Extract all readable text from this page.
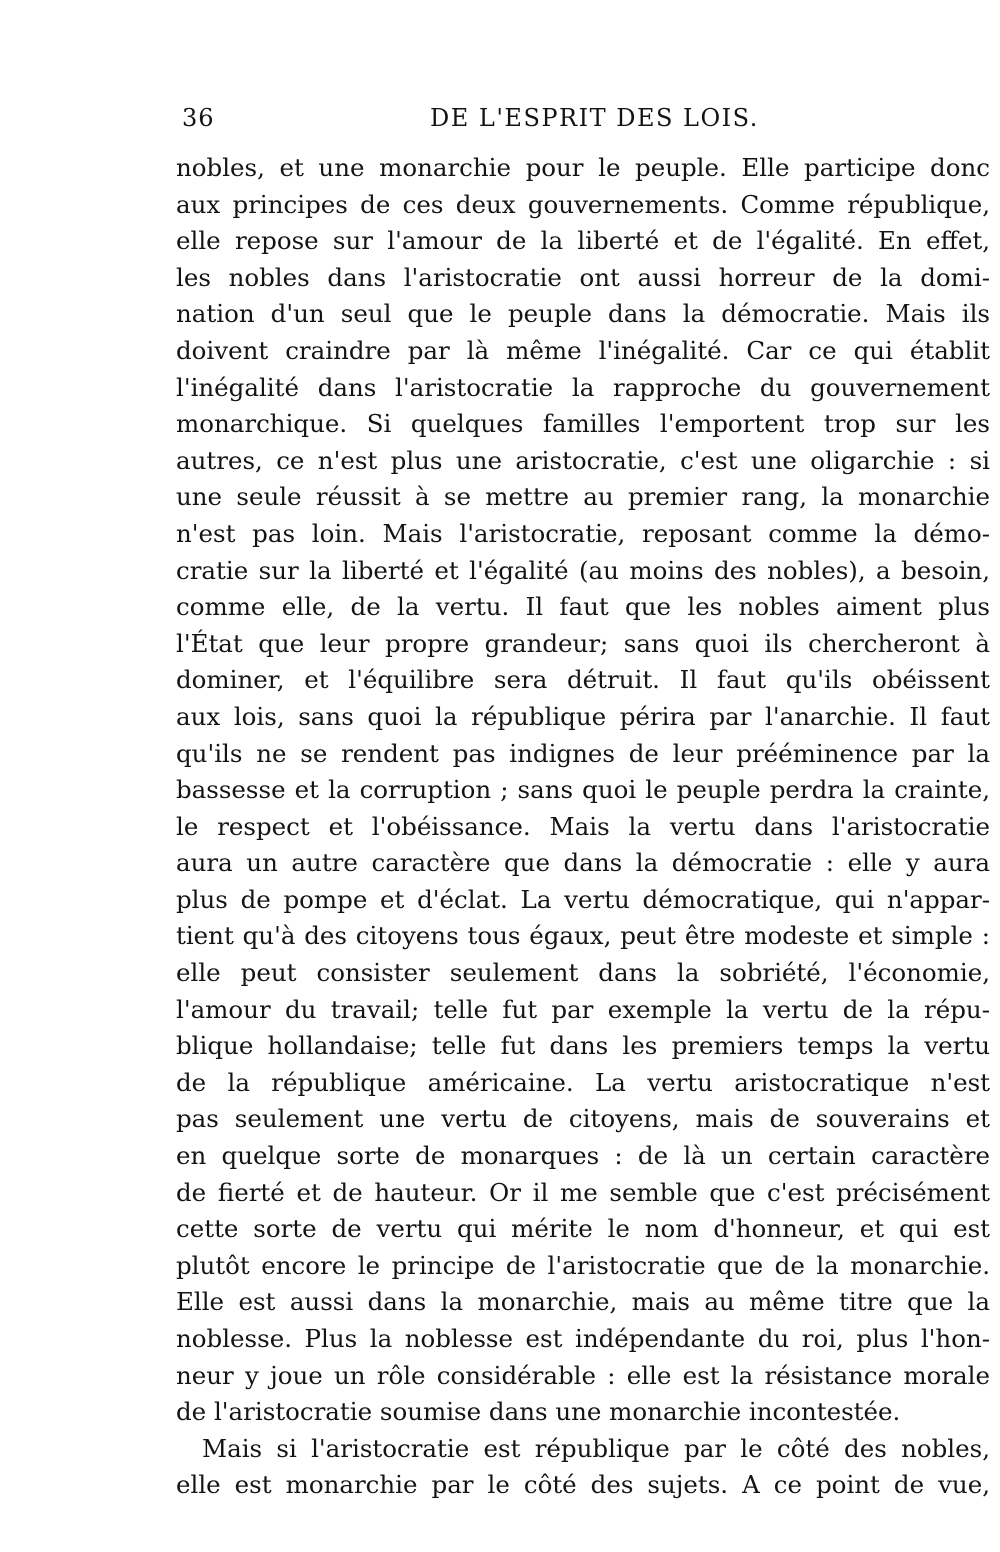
36	DE L'ESPRIT DES LOIS.
nobles, et une monarchie pour le peuple. Elle participe donc
aux principes de ces deux gouvernements. Comme république,
elle repose sur l'amour de la liberté et de l'égalité. En effet,
les nobles dans l'aristocratie ont aussi horreur de la domi-
nation d'un seul que le peuple dans la démocratie. Mais ils
doivent craindre par là même l'inégalité. Car ce qui établit
l'inégalité dans l'aristocratie la rapproche du gouvernement
monarchique. Si quelques familles l'emportent trop sur les
autres, ce n'est plus une aristocratie, c'est une oligarchie : si
une seule réussit à se mettre au premier rang, la monarchie
n'est pas loin. Mais l'aristocratie, reposant comme la démo-
cratie sur la liberté et l'égalité (au moins des nobles), a besoin,
comme elle, de la vertu. Il faut que les nobles aiment plus
l'État que leur propre grandeur; sans quoi ils chercheront à
dominer, et l'équilibre sera détruit. Il faut qu'ils obéissent
aux lois, sans quoi la république périra par l'anarchie. Il faut
qu'ils ne se rendent pas indignes de leur prééminence par la
bassesse et la corruption ; sans quoi le peuple perdra la crainte,
le respect et l'obéissance. Mais la vertu dans l'aristocratie
aura un autre caractère que dans la démocratie : elle y aura
plus de pompe et d'éclat. La vertu démocratique, qui n'appar-
tient qu'à des citoyens tous égaux, peut être modeste et simple :
elle peut consister seulement dans la sobriété, l'économie,
l'amour du travail; telle fut par exemple la vertu de la répu-
blique hollandaise; telle fut dans les premiers temps la vertu
de la république américaine. La vertu aristocratique n'est
pas seulement une vertu de citoyens, mais de souverains et
en quelque sorte de monarques : de là un certain caractère
de fierté et de hauteur. Or il me semble que c'est précisément
cette sorte de vertu qui mérite le nom d'honneur, et qui est
plutôt encore le principe de l'aristocratie que de la monarchie.
Elle est aussi dans la monarchie, mais au même titre que la
noblesse. Plus la noblesse est indépendante du roi, plus l'hon-
neur y joue un rôle considérable : elle est la résistance morale
de l'aristocratie soumise dans une monarchie incontestée.
Mais si l'aristocratie est république par le côté des nobles,
elle est monarchie par le côté des sujets. A ce point de vue,
